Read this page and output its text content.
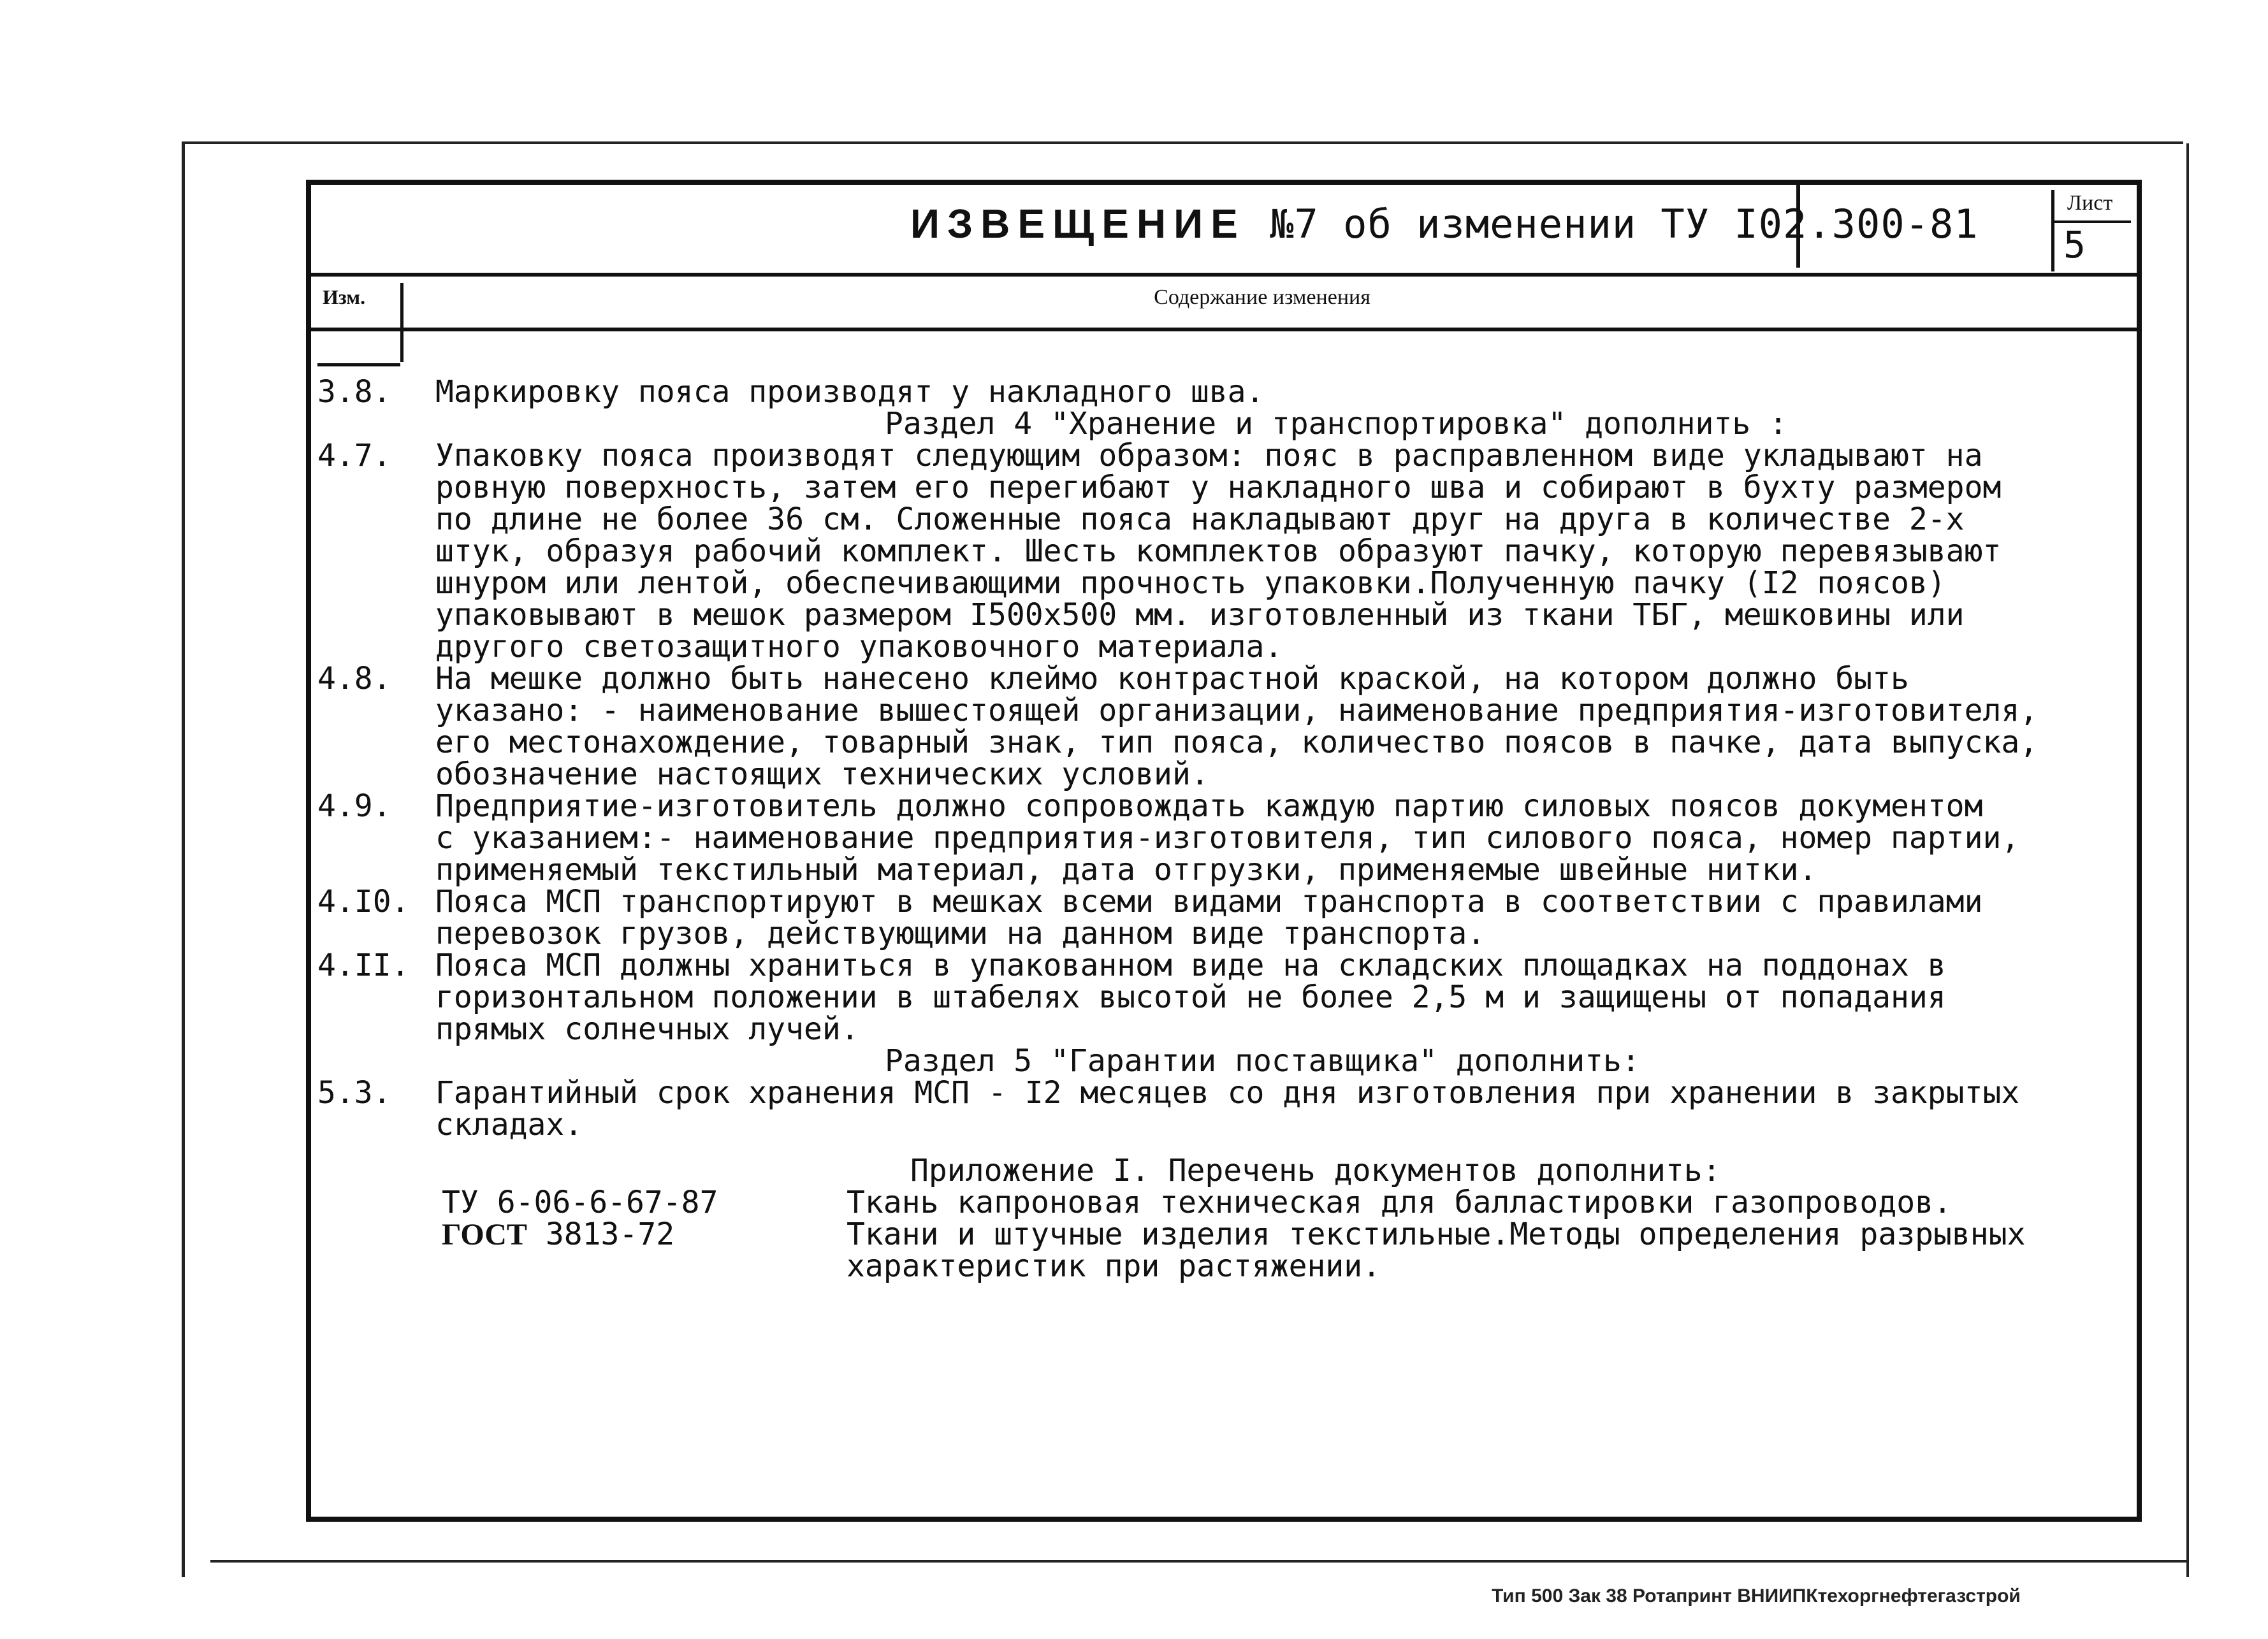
ИЗВЕЩЕНИЕ №7 об изменении ТУ I02.300-81	Лист
5
Изм.	Содержание изменения
3.8. Маркировку пояса производят у накладного шва.
Раздел 4 "Хранение и транспортировка" дополнить :
4.7. Упаковку пояса производят следующим образом: пояс в расправленном виде укладывают на
ровную поверхность, затем его перегибают у накладного шва и собирают в бухту размером
по длине не более 36 см. Сложенные пояса накладывают друг на друга в количестве 2-х
штук, образуя рабочий комплект. Шесть комплектов образуют пачку, которую перевязывают
шнуром или лентой, обеспечивающими прочность упаковки.Полученную пачку (I2 поясов)
упаковывают в мешок размером I500х500 мм. изготовленный из ткани ТБГ, мешковины или
другого светозащитного упаковочного материала.
4.8. На мешке должно быть нанесено клеймо контрастной краской, на котором должно быть
указано: - наименование вышестоящей организации, наименование предприятия-изготовителя,
его местонахождение, товарный знак, тип пояса, количество поясов в пачке, дата выпуска,
обозначение настоящих технических условий.
4.9. Предприятие-изготовитель должно сопровождать каждую партию силовых поясов документом
с указанием:- наименование предприятия-изготовителя, тип силового пояса, номер партии,
применяемый текстильный материал, дата отгрузки, применяемые швейные нитки.
4.I0. Пояса МСП транспортируют в мешках всеми видами транспорта в соответствии с правилами
перевозок грузов, действующими на данном виде транспорта.
4.II. Пояса МСП должны храниться в упакованном виде на складских площадках на поддонах в
горизонтальном положении в штабелях высотой не более 2,5 м и защищены от попадания
прямых солнечных лучей.
Раздел 5 "Гарантии поставщика" дополнить:
5.3. Гарантийный срок хранения МСП - I2 месяцев со дня изготовления при хранении в закрытых
складах.
Приложение I. Перечень документов дополнить:
ТУ 6-06-6-67-87	Ткань капроновая техническая для балластировки газопроводов.
ГОСТ 3813-72	Ткани и штучные изделия текстильные.Методы определения разрывных
характеристик при растяжении.
Тип 500 Зак 38 Ротапринт ВНИИПКтехоргнефтегазстрой
